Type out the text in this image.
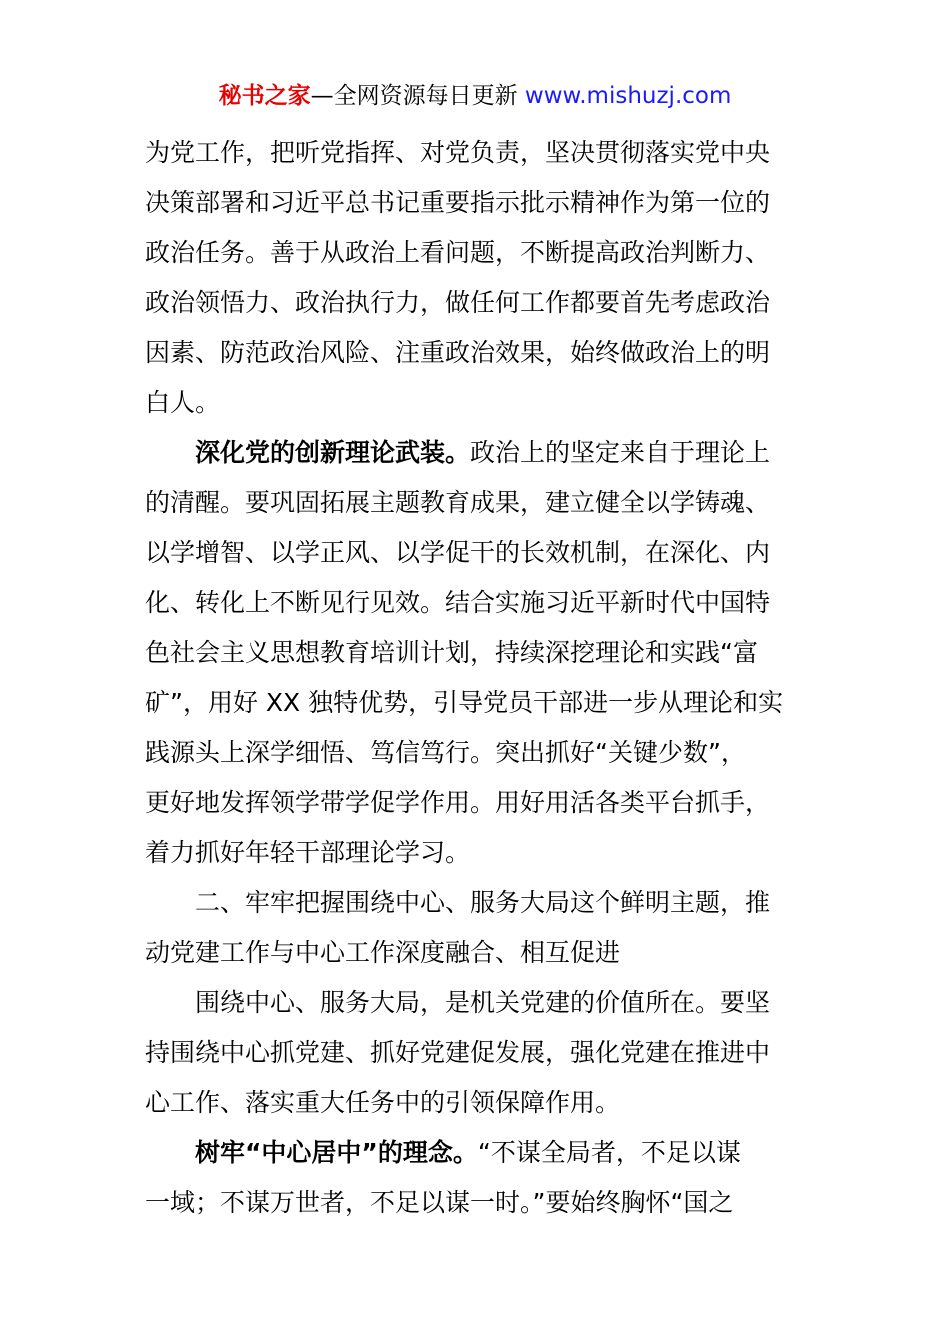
秘书之家—全网资源每日更新 www.mishuzj.com
为党工作，把听党指挥、对党负责，坚决贯彻落实党中央
决策部署和习近平总书记重要指示批示精神作为第一位的
政治任务。善于从政治上看问题，不断提高政治判断力、
政治领悟力、政治执行力，做任何工作都要首先考虑政治
因素、防范政治风险、注重政治效果，始终做政治上的明
白人。
深化党的创新理论武装。政治上的坚定来自于理论上
的清醒。要巩固拓展主题教育成果，建立健全以学铸魂、
以学增智、以学正风、以学促干的长效机制，在深化、内
化、转化上不断见行见效。结合实施习近平新时代中国特
色社会主义思想教育培训计划，持续深挖理论和实践“富
矿”，用好 XX 独特优势，引导党员干部进一步从理论和实
践源头上深学细悟、笃信笃行。突出抓好“关键少数”，
更好地发挥领学带学促学作用。用好用活各类平台抓手，
着力抓好年轻干部理论学习。
二、牢牢把握围绕中心、服务大局这个鲜明主题，推
动党建工作与中心工作深度融合、相互促进
围绕中心、服务大局，是机关党建的价值所在。要坚
持围绕中心抓党建、抓好党建促发展，强化党建在推进中
心工作、落实重大任务中的引领保障作用。
树牢“中心居中”的理念。“不谋全局者，不足以谋
一域；不谋万世者，不足以谋一时。”要始终胸怀“国之
